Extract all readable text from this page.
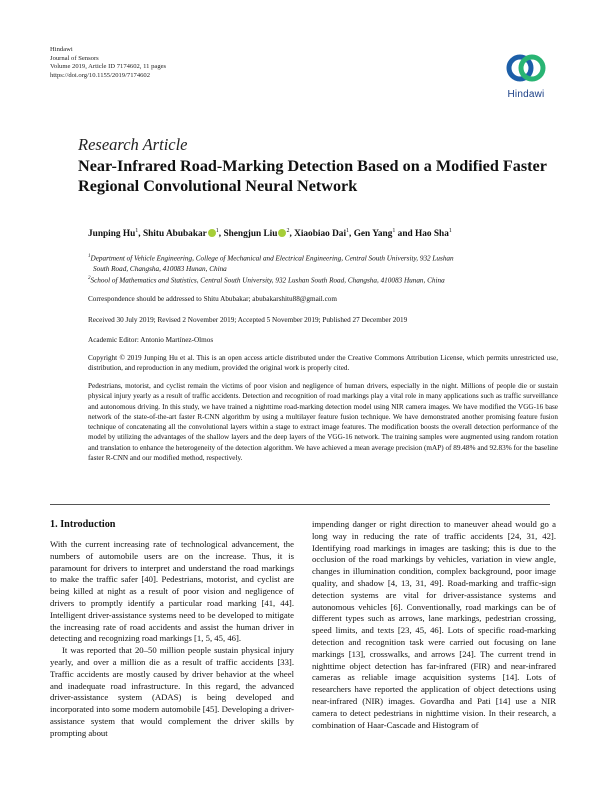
Hindawi
Journal of Sensors
Volume 2019, Article ID 7174602, 11 pages
https://doi.org/10.1155/2019/7174602
Hindawi
Research Article
Near-Infrared Road-Marking Detection Based on a Modified Faster Regional Convolutional Neural Network
Junping Hu$^1$, Shitu Abubakar $^1$, Shengjun Liu $^2$, Xiaobiao Dai$^1$, Gen Yang$^1$ and Hao Sha$^1$
$^1$Department of Vehicle Engineering, College of Mechanical and Electrical Engineering, Central South University, 932 Lushan
South Road, Changsha, 410083 Hunan, China
$^2$School of Mathematics and Statistics, Central South University, 932 Lushan South Road, Changsha, 410083 Hunan, China
Correspondence should be addressed to Shitu Abubakar; abubakarshitu88@gmail.com
Received 30 July 2019; Revised 2 November 2019; Accepted 5 November 2019; Published 27 December 2019
Academic Editor: Antonio Martínez-Olmos
Copyright © 2019 Junping Hu et al. This is an open access article distributed under the Creative Commons Attribution License, which permits unrestricted use, distribution, and reproduction in any medium, provided the original work is properly cited.
Pedestrians, motorist, and cyclist remain the victims of poor vision and negligence of human drivers, especially in the night. Millions of people die or sustain physical injury yearly as a result of traffic accidents. Detection and recognition of road markings play a vital role in many applications such as traffic surveillance and autonomous driving. In this study, we have trained a nighttime road-marking detection model using NIR camera images. We have modified the VGG-16 base network of the state-of-the-art faster R-CNN algorithm by using a multilayer feature fusion technique. We have demonstrated another promising feature fusion technique of concatenating all the convolutional layers within a stage to extract image features. The modification boosts the overall detection performance of the model by utilizing the advantages of the shallow layers and the deep layers of the VGG-16 network. The training samples were augmented using random rotation and translation to enhance the heterogeneity of the detection algorithm. We have achieved a mean average precision (mAP) of 89.48% and 92.83% for the baseline faster R-CNN and our modified method, respectively.
1. Introduction

With the current increasing rate of technological advancement, the numbers of automobile users are on the increase. Thus, it is paramount for drivers to interpret and understand the road markings to make the traffic safer [40]. Pedestrians, motorist, and cyclist are being killed at night as a result of poor vision and negligence of drivers to promptly identify a particular road marking [41, 44]. Intelligent driver-assistance systems need to be developed to mitigate the increasing rate of road accidents and assist the human driver in detecting and recognizing road markings [1, 5, 45, 46].

It was reported that 20–50 million people sustain physical injury yearly, and over a million die as a result of traffic accidents [33]. Traffic accidents are mostly caused by driver behavior at the wheel and inadequate road infrastructure. In this regard, the advanced driver-assistance system (ADAS) is being developed and incorporated into some modern automobile [45]. Developing a driver-assistance system that would complement the driver skills by prompting about

impending danger or right direction to maneuver ahead would go a long way in reducing the rate of traffic accidents [24, 31, 42]. Identifying road markings in images are tasking; this is due to the occlusion of the road markings by vehicles, variation in view angle, changes in illumination condition, complex background, poor image quality, and shadow [4, 13, 31, 49]. Road-marking and traffic-sign detection systems are vital for driver-assistance systems and autonomous vehicles [6]. Conventionally, road markings can be of different types such as arrows, lane markings, pedestrian crossing, speed limits, and texts [23, 45, 46]. Lots of specific road-marking detection and recognition task were carried out focusing on lane markings [13], crosswalks, and arrows [24]. The current trend in nighttime object detection has far-infrared (FIR) and near-infrared cameras as reliable image acquisition systems [14]. Lots of researchers have reported the application of object detections using near-infrared (NIR) images. Govardha and Pati [14] use a NIR camera to detect pedestrians in nighttime vision. In their research, a combination of Haar-Cascade and Histogram of
